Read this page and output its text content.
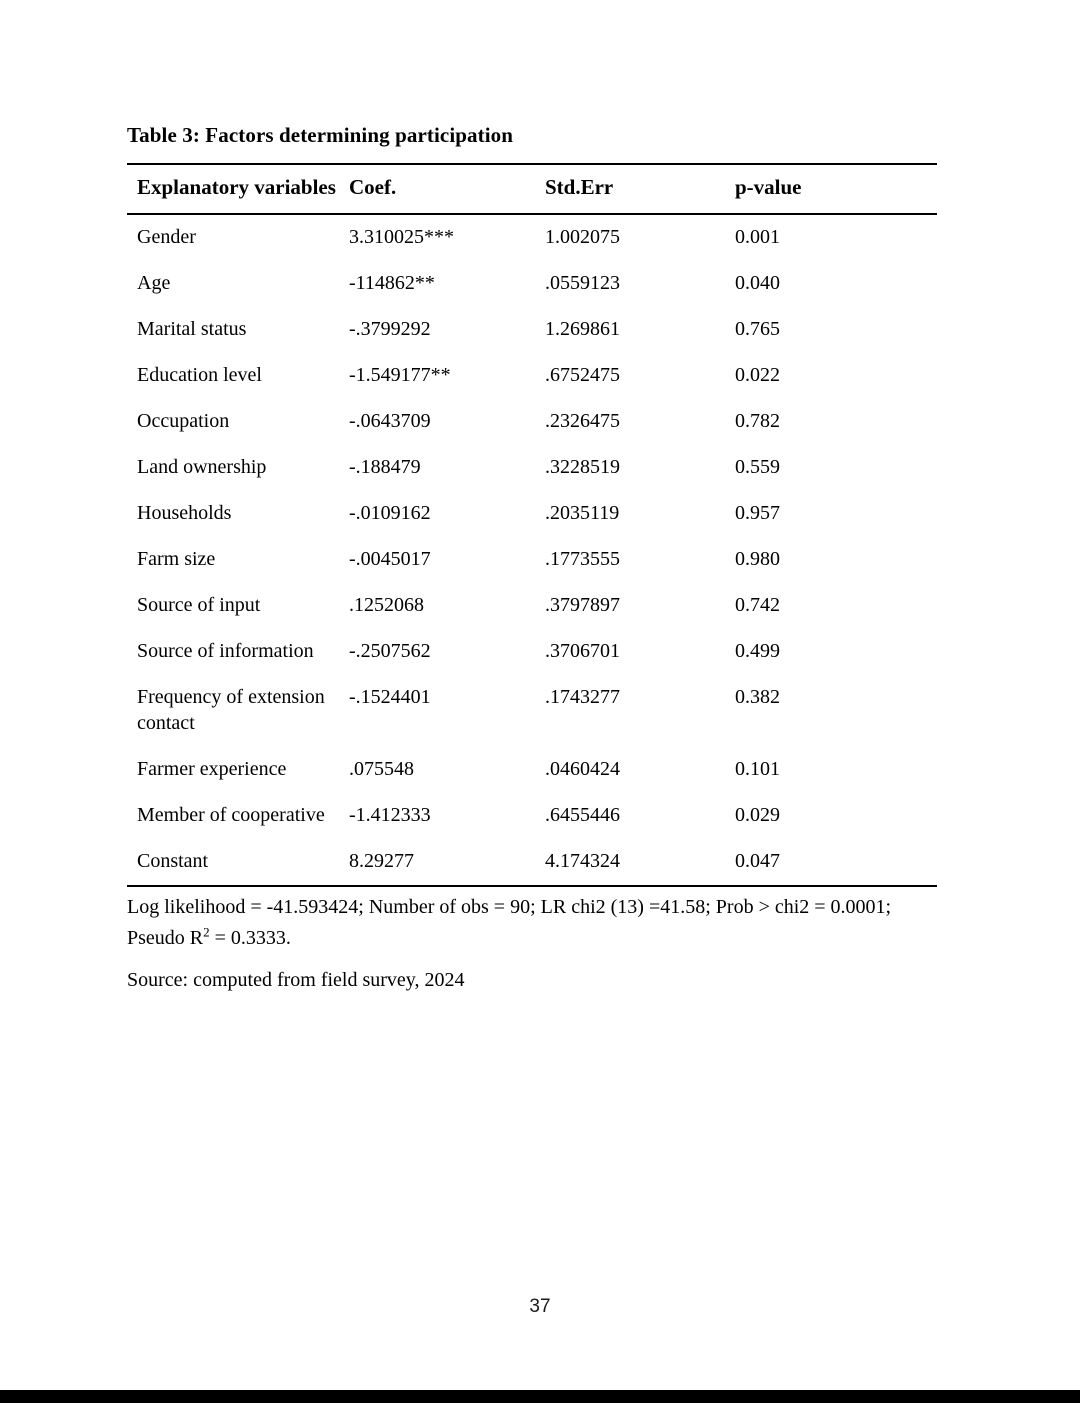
Table 3: Factors determining participation
Explanatory variables	Coef.	Std.Err	p-value
Gender	3.310025***	1.002075	0.001
Age	-114862**	.0559123	0.040
Marital status	-.3799292	1.269861	0.765
Education level	-1.549177**	.6752475	0.022
Occupation	-.0643709	.2326475	0.782
Land ownership	-.188479	.3228519	0.559
Households	-.0109162	.2035119	0.957
Farm size	-.0045017	.1773555	0.980
Source of input	.1252068	.3797897	0.742
Source of information	-.2507562	.3706701	0.499
Frequency of extension contact	-.1524401	.1743277	0.382
Farmer experience	.075548	.0460424	0.101
Member of cooperative	-1.412333	.6455446	0.029
Constant	8.29277	4.174324	0.047
Log likelihood = -41.593424; Number of obs = 90; LR chi2 (13) =41.58; Prob > chi2 = 0.0001;
Pseudo $R^2 = 0.3333$.
Source: computed from field survey, 2024
37
